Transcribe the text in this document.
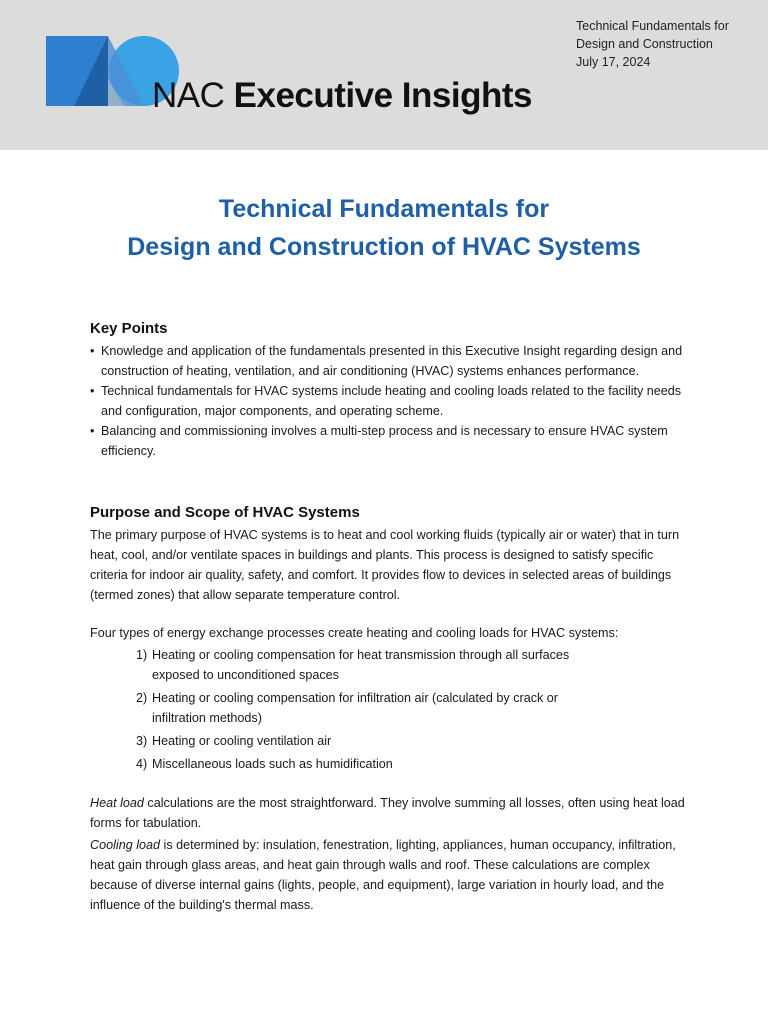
NAC Executive Insights
Technical Fundamentals for
Design and Construction
July 17, 2024
Technical Fundamentals for
Design and Construction of HVAC Systems
Key Points
• Knowledge and application of the fundamentals presented in this Executive Insight regarding design and construction of heating, ventilation, and air conditioning (HVAC) systems enhances performance.
• Technical fundamentals for HVAC systems include heating and cooling loads related to the facility needs and configuration, major components, and operating scheme.
• Balancing and commissioning involves a multi-step process and is necessary to ensure HVAC system efficiency.
Purpose and Scope of HVAC Systems

The primary purpose of HVAC systems is to heat and cool working fluids (typically air or water) that in turn heat, cool, and/or ventilate spaces in buildings and plants. This process is designed to satisfy specific criteria for indoor air quality, safety, and comfort. It provides flow to devices in selected areas of buildings (termed zones) that allow separate temperature control.

Four types of energy exchange processes create heating and cooling loads for HVAC systems:

1) Heating or cooling compensation for heat transmission through all surfaces exposed to unconditioned spaces
2) Heating or cooling compensation for infiltration air (calculated by crack or infiltration methods)
3) Heating or cooling ventilation air
4) Miscellaneous loads such as humidification

Heat load calculations are the most straightforward. They involve summing all losses, often using heat load forms for tabulation.

Cooling load is determined by: insulation, fenestration, lighting, appliances, human occupancy, infiltration, heat gain through glass areas, and heat gain through walls and roof. These calculations are complex because of diverse internal gains (lights, people, and equipment), large variation in hourly load, and the influence of the building's thermal mass.
